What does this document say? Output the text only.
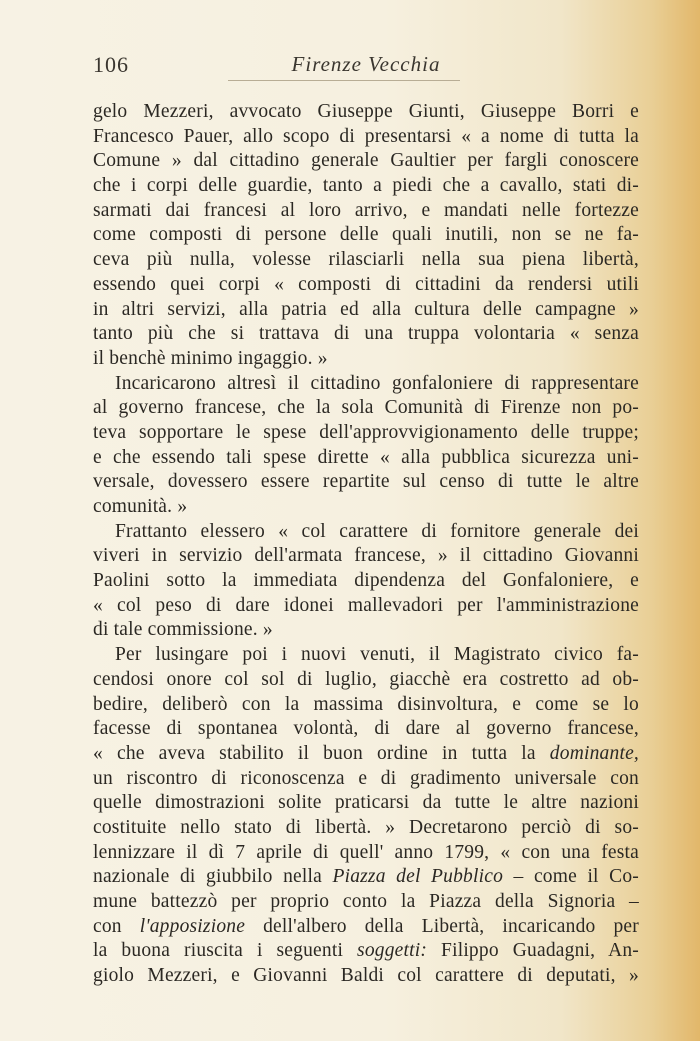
106	Firenze Vecchia
gelo Mezzeri, avvocato Giuseppe Giunti, Giuseppe Borri e
Francesco Pauer, allo scopo di presentarsi « a nome di tutta la
Comune » dal cittadino generale Gaultier per fargli conoscere
che i corpi delle guardie, tanto a piedi che a cavallo, stati di-
sarmati dai francesi al loro arrivo, e mandati nelle fortezze
come composti di persone delle quali inutili, non se ne fa-
ceva più nulla, volesse rilasciarli nella sua piena libertà,
essendo quei corpi « composti di cittadini da rendersi utili
in altri servizi, alla patria ed alla cultura delle campagne »
tanto più che si trattava di una truppa volontaria « senza
il benchè minimo ingaggio. »
Incaricarono altresì il cittadino gonfaloniere di rappresentare
al governo francese, che la sola Comunità di Firenze non po-
teva sopportare le spese dell'approvvigionamento delle truppe;
e che essendo tali spese dirette « alla pubblica sicurezza uni-
versale, dovessero essere repartite sul censo di tutte le altre
comunità. »
Frattanto elessero « col carattere di fornitore generale dei
viveri in servizio dell'armata francese, » il cittadino Giovanni
Paolini sotto la immediata dipendenza del Gonfaloniere, e
« col peso di dare idonei mallevadori per l'amministrazione
di tale commissione. »
Per lusingare poi i nuovi venuti, il Magistrato civico fa-
cendosi onore col sol di luglio, giacchè era costretto ad ob-
bedire, deliberò con la massima disinvoltura, e come se lo
facesse di spontanea volontà, di dare al governo francese,
« che aveva stabilito il buon ordine in tutta la dominante,
un riscontro di riconoscenza e di gradimento universale con
quelle dimostrazioni solite praticarsi da tutte le altre nazioni
costituite nello stato di libertà. » Decretarono perciò di so-
lennizzare il dì 7 aprile di quell' anno 1799, « con una festa
nazionale di giubbilo nella Piazza del Pubblico – come il Co-
mune battezzò per proprio conto la Piazza della Signoria –
con l'apposizione dell'albero della Libertà, incaricando per
la buona riuscita i seguenti soggetti: Filippo Guadagni, An-
giolo Mezzeri, e Giovanni Baldi col carattere di deputati, »
